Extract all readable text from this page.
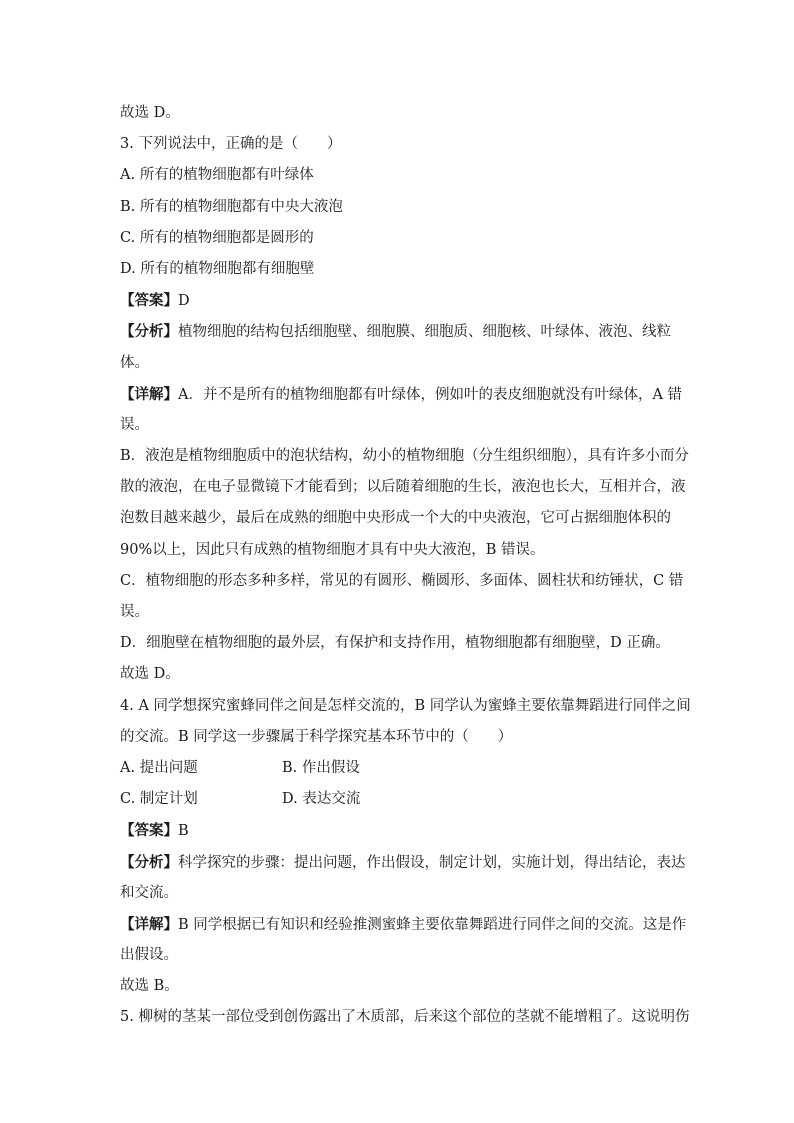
故选 D。
3. 下列说法中，正确的是（　　）
A. 所有的植物细胞都有叶绿体
B. 所有的植物细胞都有中央大液泡
C. 所有的植物细胞都是圆形的
D. 所有的植物细胞都有细胞壁
【答案】D
【分析】植物细胞的结构包括细胞壁、细胞膜、细胞质、细胞核、叶绿体、液泡、线粒
体。
【详解】A．并不是所有的植物细胞都有叶绿体，例如叶的表皮细胞就没有叶绿体，A 错
误。
B．液泡是植物细胞质中的泡状结构，幼小的植物细胞（分生组织细胞），具有许多小而分
散的液泡，在电子显微镜下才能看到；以后随着细胞的生长，液泡也长大，互相并合，液
泡数目越来越少，最后在成熟的细胞中央形成一个大的中央液泡，它可占据细胞体积的
90%以上，因此只有成熟的植物细胞才具有中央大液泡，B 错误。
C．植物细胞的形态多种多样，常见的有圆形、椭圆形、多面体、圆柱状和纺锤状，C 错
误。
D．细胞壁在植物细胞的最外层，有保护和支持作用，植物细胞都有细胞壁，D 正确。
故选 D。
4. A 同学想探究蜜蜂同伴之间是怎样交流的，B 同学认为蜜蜂主要依靠舞蹈进行同伴之间
的交流。B 同学这一步骤属于科学探究基本环节中的（　　）
A. 提出问题	B. 作出假设
C. 制定计划	D. 表达交流
【答案】B
【分析】科学探究的步骤：提出问题，作出假设，制定计划，实施计划，得出结论，表达
和交流。
【详解】B 同学根据已有知识和经验推测蜜蜂主要依靠舞蹈进行同伴之间的交流。这是作
出假设。
故选 B。
5. 柳树的茎某一部位受到创伤露出了木质部，后来这个部位的茎就不能增粗了。这说明伤
